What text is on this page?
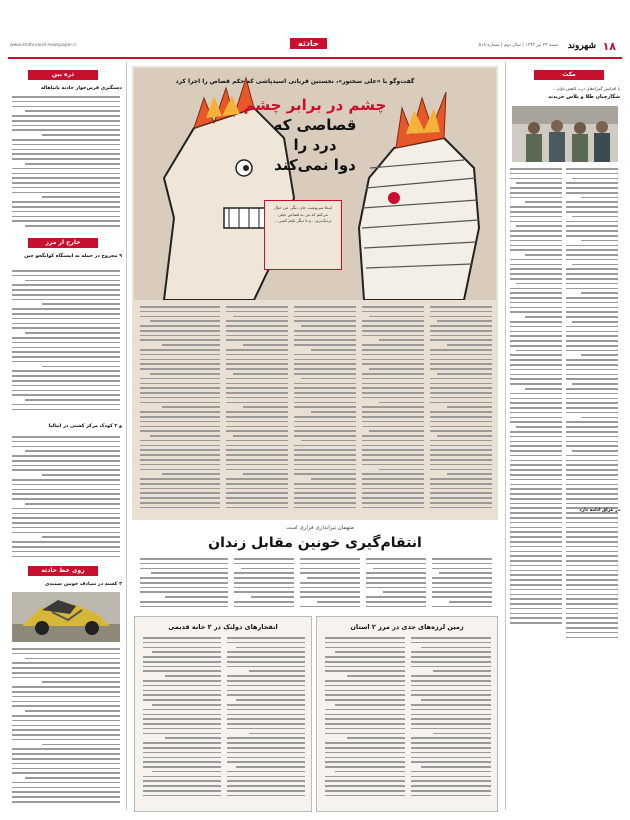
۱۸
شهروند
شنبه ۲۳ تیر ۱۳۹۳ | سال دوم | شماره ۵۱۸
www.shahrvand-newspaper.ir	حادثه
مکث
با افزایش گمراه‌های درب کاهش تاوان...
شگارچیان طلا و پلاس خریدند
در عراق ادامه دارد
ذره بین
دستگیری قرص‌خوار حادثه پانیا‌هاله
خارج از مرز
۹ مجروح در حمله به ایستگاه کوانگجو چین
و ۲ کودک مرکز کشتی در ایتالیا
روی خط حادثه
۴ کشته در تصادف خونین سمندی
گفت‌وگو با «علی سختور»، نخستین قربانی اسیدپاشی که حکم قصاص را اجرا کرد
چشم در برابر چشم
قصاصی که
درد را
دوا نمی‌کند
اینجا سرنوشت جای دیگر، من خیال می‌کنم که من به قصاص خیلی نزدیک‌ترم... و تا دیگر نکنم کسی...
متهمان تیراندازی فراری است
انتقام‌گیری خونین مقابل زندان
زمین لرزه‌های جدی در مرز ۲ استان
انفجارهای دولتک در ۲ خانه قدیمی
